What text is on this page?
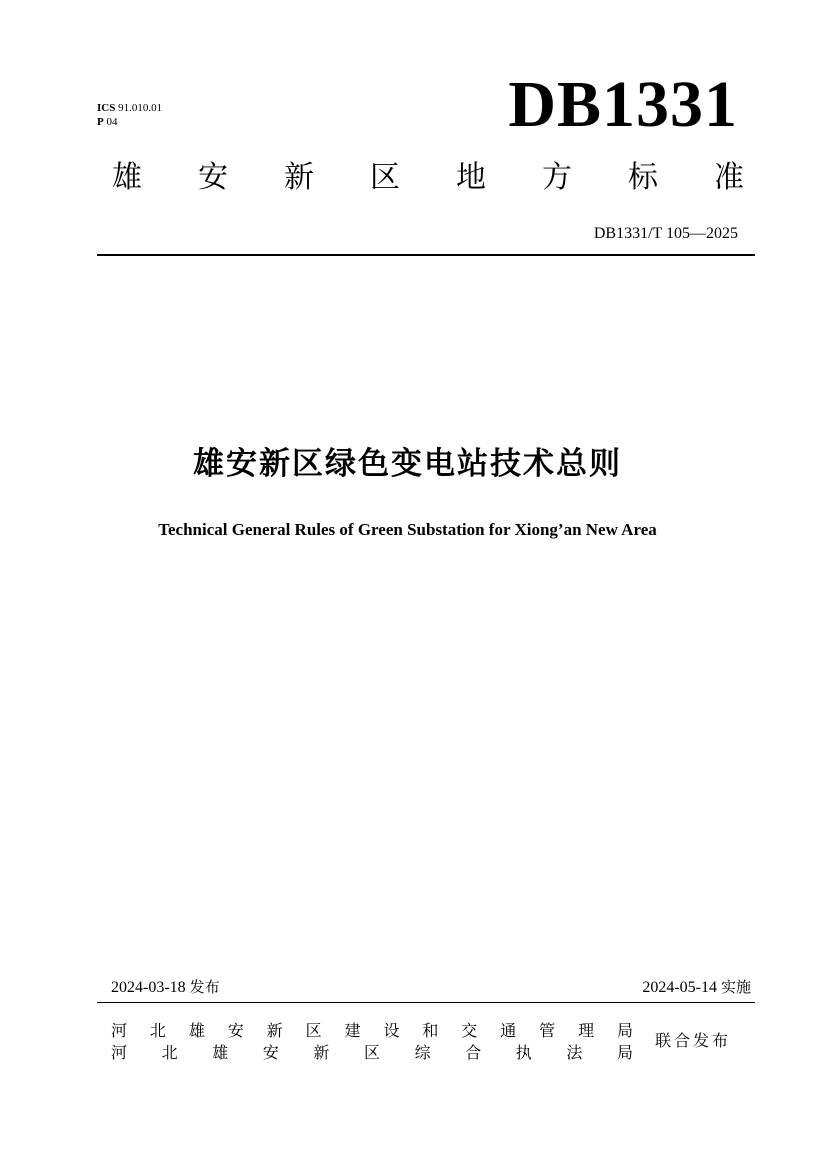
ICS 91.010.01
P 04	DB1331
雄 安 新 区 地 方 标 准
DB1331/T 105—2025
雄安新区绿色变电站技术总则
Technical General Rules of Green Substation for Xiong’an New Area
2024-03-18 发布	2024-05-14 实施
河 北 雄 安 新 区 建 设 和 交 通 管 理 局
河 北 雄 安 新 区 综 合 执 法 局
联合发布
